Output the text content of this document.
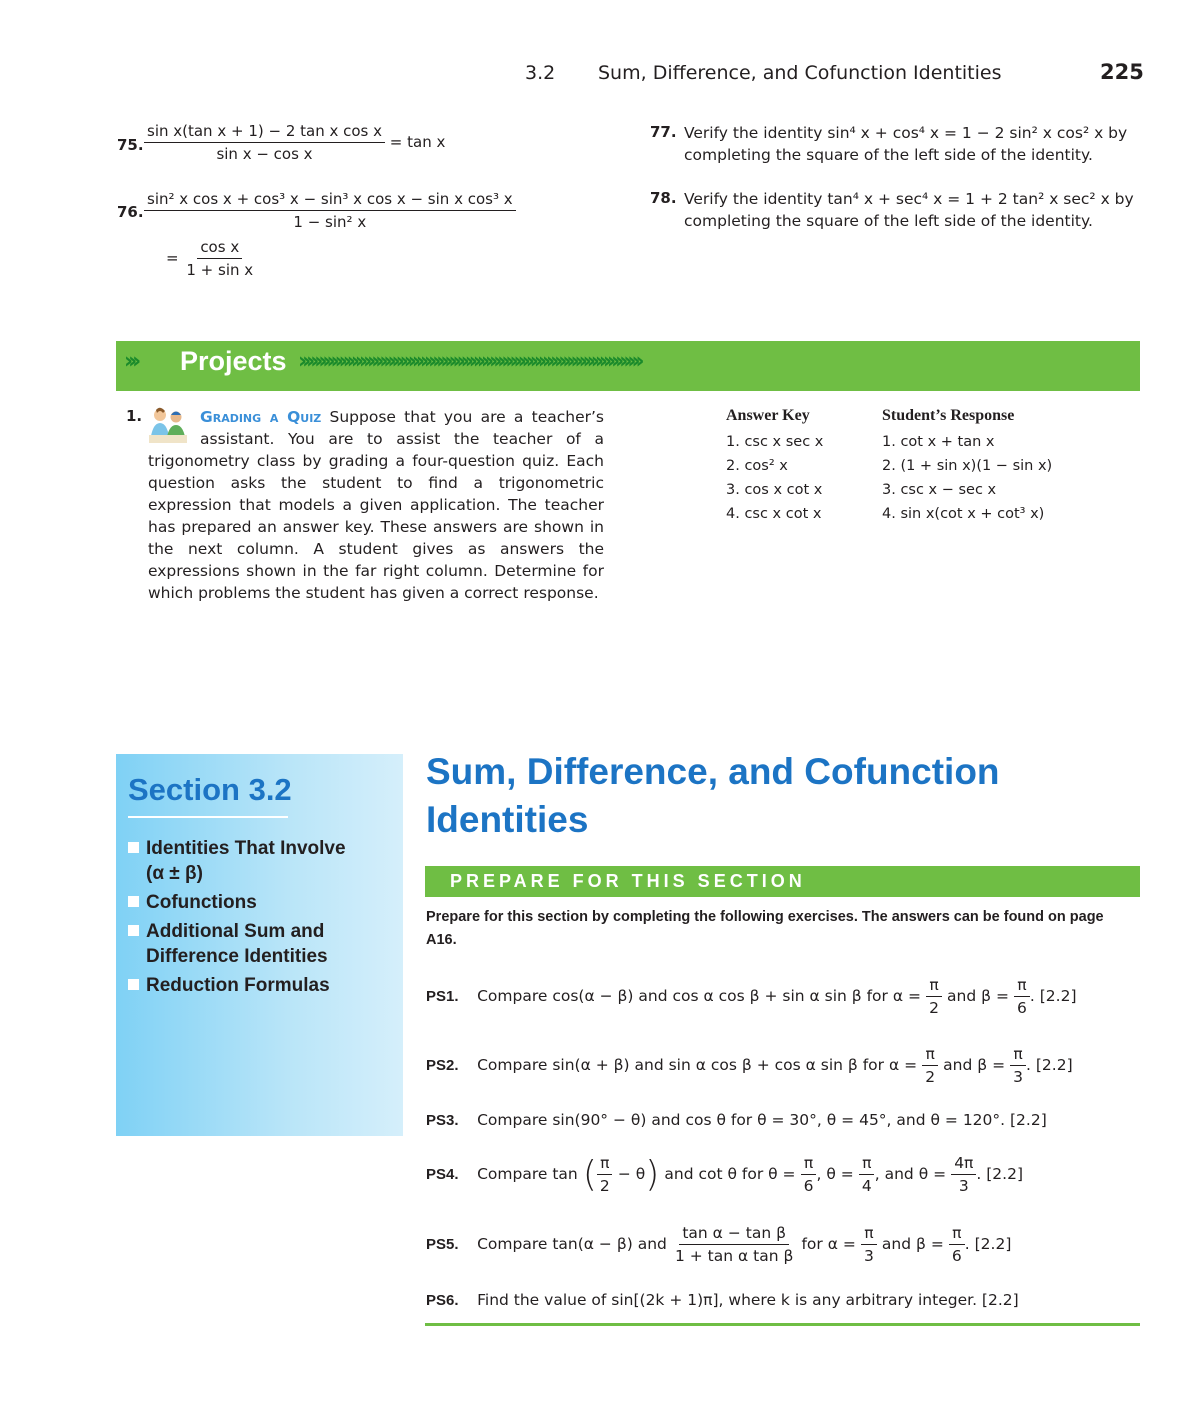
3.2 Sum, Difference, and Cofunction Identities	225
75. $\frac{\text{sin x(tan x + 1) − 2 tan x cos x}}{\text{sin x − cos x}} = \tan x$
76. $\frac{\text{sin² x cos x + cos³ x − sin³ x cos x − sin x cos³ x}}{\text{1 − sin² x}}$
= $\frac{\text{cos x}}{\text{1 + sin x}}$
77. Verify the identity sin⁴ x + cos⁴ x = 1 − 2 sin² x cos² x by
completing the square of the left side of the identity.
78. Verify the identity tan⁴ x + sec⁴ x = 1 + 2 tan² x sec² x by
completing the square of the left side of the identity.
››› Projects ››››››››››››››››››››››››››››››››››››››››››››››››››››››››››››››››››››››››››››››››››››
1.	Grading a Quiz Suppose that you are a teacher’s assistant. You are to assist the teacher of a trigonometry class by grading a four-question quiz. Each question asks the student to find a trigonometric expression that models a given application. The teacher has prepared an answer key. These answers are shown in the next column. A student gives as answers the expressions shown in the far right column. Determine for which problems the student has given a correct response.
Answer Key
1. csc x sec x
2. cos² x
3. cos x cot x
4. csc x cot x
Student’s Response
1. cot x + tan x
2. (1 + sin x)(1 − sin x)
3. csc x − sec x
4. sin x(cot x + cot³ x)
Section 3.2
Identities That Involve
(α ± β)
Cofunctions
Additional Sum and
Difference Identities
Reduction Formulas
Sum, Difference, and Cofunction
Identities
PREPARE FOR THIS SECTION
Prepare for this section by completing the following exercises. The answers can be found on page A16.
PS1. Compare cos(α − β) and cos α cos β + sin α sin β for $\alpha = \frac{\pi}{2}$ and $\beta = \frac{\pi}{6}$ . [2.2]
PS2. Compare sin(α + β) and sin α cos β + cos α sin β for $\alpha = \frac{\pi}{2}$ and $\beta = \frac{\pi}{3}$ . [2.2]
PS3. Compare sin(90° − θ) and cos θ for θ = 30°, θ = 45°, and θ = 120°. [2.2]
PS4. Compare tan ( $\frac{\pi}{2} - \theta$) and cot θ for $\theta = \frac{\pi}{6}$ , $\theta = \frac{\pi}{4}$ , and $\theta = \frac{4\pi}{3}$ . [2.2]
PS5. Compare tan(α − β) and $\frac{\text{tan α − tan β}}{\text{1 + tan α tan β}}$ for $\alpha = \frac{\pi}{3}$ and $\beta = \frac{\pi}{6}$ . [2.2]
PS6. Find the value of sin[(2k + 1)π], where k is any arbitrary integer. [2.2]
